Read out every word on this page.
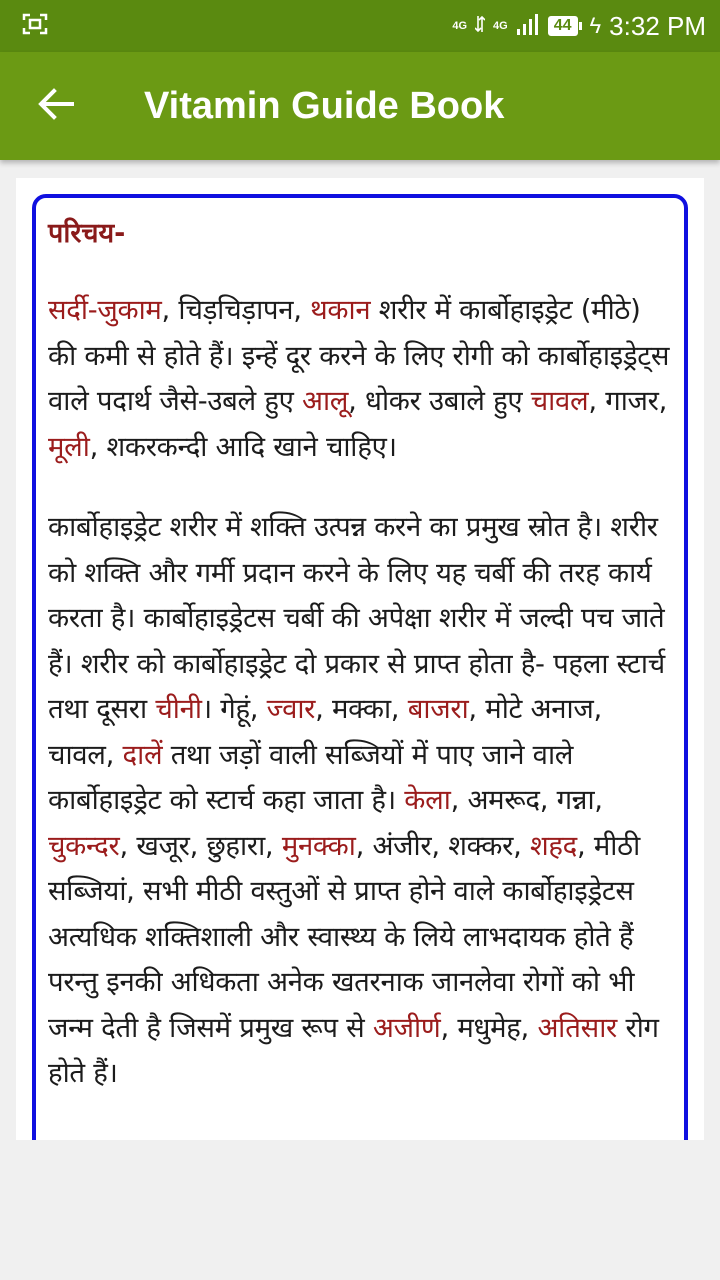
4G 4G	44 ϟ 3:32 PM
Vitamin Guide Book
परिचय-

सर्दी-जुकाम, चिड़चिड़ापन, थकान शरीर में कार्बोहाइड्रेट (मीठे) की कमी से होते हैं। इन्हें दूर करने के लिए रोगी को कार्बोहाइड्रेट्स वाले पदार्थ जैसे-उबले हुए आलू, धोकर उबाले हुए चावल, गाजर, मूली, शकरकन्दी आदि खाने चाहिए।

कार्बोहाइड्रेट शरीर में शक्ति उत्पन्न करने का प्रमुख स्रोत है। शरीर को शक्ति और गर्मी प्रदान करने के लिए यह चर्बी की तरह कार्य करता है। कार्बोहाइड्रेटस चर्बी की अपेक्षा शरीर में जल्दी पच जाते हैं। शरीर को कार्बोहाइड्रेट दो प्रकार से प्राप्त होता है- पहला स्टार्च तथा दूसरा चीनी। गेहूं, ज्वार, मक्का, बाजरा, मोटे अनाज, चावल, दालें तथा जड़ों वाली सब्जियों में पाए जाने वाले कार्बोहाइड्रेट को स्टार्च कहा जाता है। केला, अमरूद, गन्ना, चुकन्दर, खजूर, छुहारा, मुनक्का, अंजीर, शक्कर, शहद, मीठी सब्जियां, सभी मीठी वस्तुओं से प्राप्त होने वाले कार्बोहाइड्रेटस अत्यधिक शक्तिशाली और स्वास्थ्य के लिये लाभदायक होते हैं परन्तु इनकी अधिकता अनेक खतरनाक जानलेवा रोगों को भी जन्म देती है जिसमें प्रमुख रूप से अजीर्ण, मधुमेह, अतिसार रोग होते हैं।
